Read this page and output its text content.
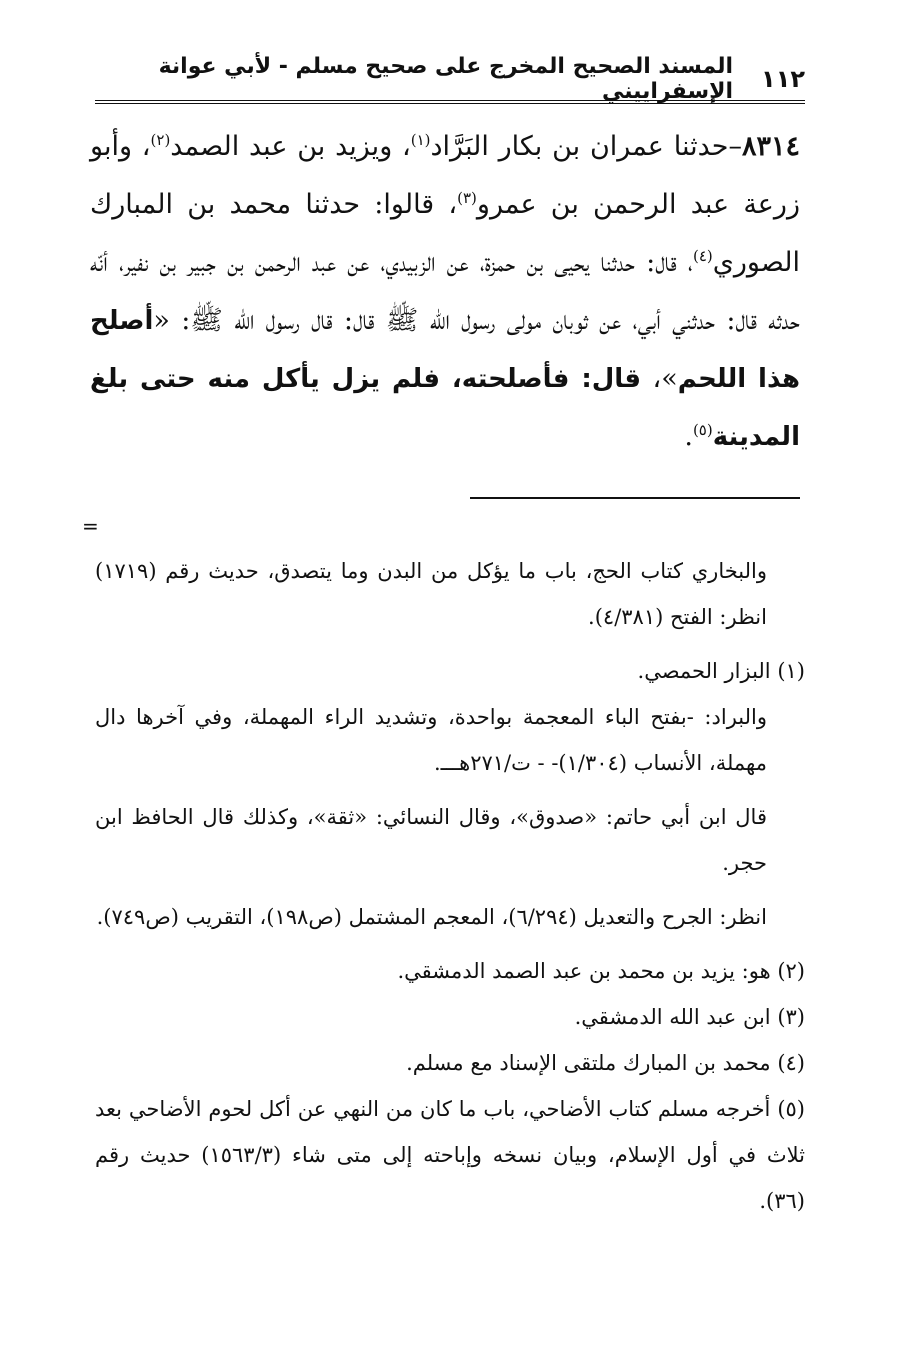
١١٢
المسند الصحيح المخرج على صحيح مسلم - لأبي عوانة الإسفراييني

٨٣١٤–حدثنا عمران بن بكار البَرَّاد$^{(١)}$، ويزيد بن عبد الصمد$^{(٢)}$، وأبو زرعة عبد الرحمن بن عمرو$^{(٣)}$، قالوا: حدثنا محمد بن المبارك الصوري$^{(٤)}$، قال: حدثنا يحيى بن حمزة، عن الزبيدي، عن عبد الرحمن بن جبير بن نفير، أنّه حدثه قال: حدثني أبي، عن ثوبان مولى رسول الله ﷺ قال: قال رسول الله ﷺ: «أصلح هذا اللحم»، قال: فأصلحته، فلم يزل يأكل منه حتى بلغ المدينة$^{(٥)}$.

=
والبخاري كتاب الحج، باب ما يؤكل من البدن وما يتصدق، حديث رقم (١٧١٩) انظر: الفتح (٤/٣٨١).
(١) البزار الحمصي.
والبراد: -بفتح الباء المعجمة بواحدة، وتشديد الراء المهملة، وفي آخرها دال مهملة، الأنساب (١/٣٠٤)- - ت/٢٧١هـــ.
قال ابن أبي حاتم: «صدوق»، وقال النسائي: «ثقة»، وكذلك قال الحافظ ابن حجر.
انظر: الجرح والتعديل (٦/٢٩٤)، المعجم المشتمل (ص١٩٨)، التقريب (ص٧٤٩).
(٢) هو: يزيد بن محمد بن عبد الصمد الدمشقي.
(٣) ابن عبد الله الدمشقي.
(٤) محمد بن المبارك ملتقى الإسناد مع مسلم.
(٥) أخرجه مسلم كتاب الأضاحي، باب ما كان من النهي عن أكل لحوم الأضاحي بعد ثلاث في أول الإسلام، وبيان نسخه وإباحته إلى متى شاء (١٥٦٣/٣) حديث رقم (٣٦).
